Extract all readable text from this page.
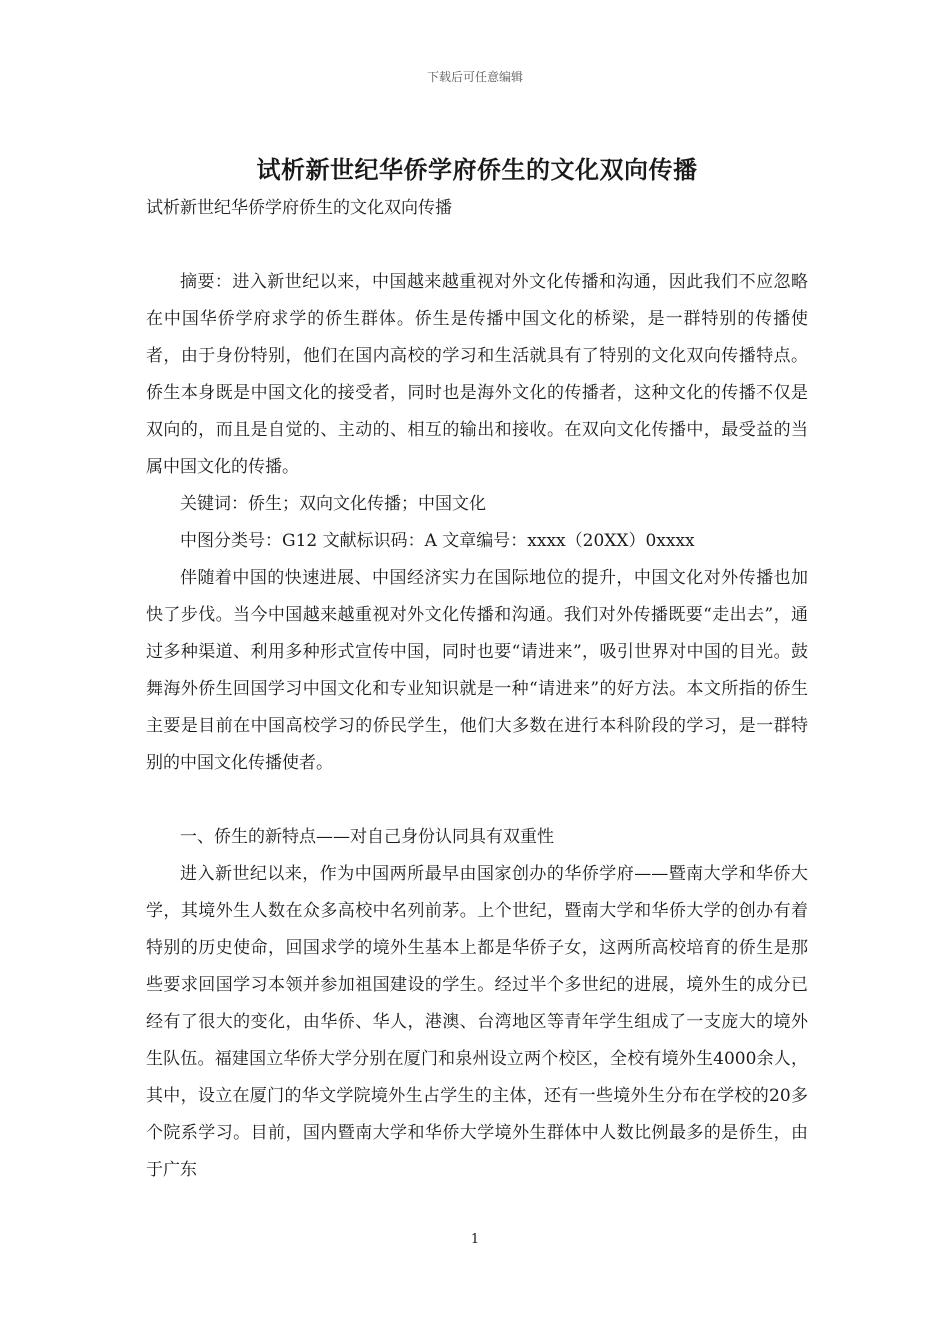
下载后可任意编辑
试析新世纪华侨学府侨生的文化双向传播

试析新世纪华侨学府侨生的文化双向传播

摘要：进入新世纪以来，中国越来越重视对外文化传播和沟通，因此我们不应忽略在中国华侨学府求学的侨生群体。侨生是传播中国文化的桥梁，是一群特别的传播使者，由于身份特别，他们在国内高校的学习和生活就具有了特别的文化双向传播特点。侨生本身既是中国文化的接受者，同时也是海外文化的传播者，这种文化的传播不仅是双向的，而且是自觉的、主动的、相互的输出和接收。在双向文化传播中，最受益的当属中国文化的传播。

关键词：侨生；双向文化传播；中国文化

中图分类号：G12 文献标识码：A 文章编号：xxxx（20XX）0xxxx

伴随着中国的快速进展、中国经济实力在国际地位的提升，中国文化对外传播也加快了步伐。当今中国越来越重视对外文化传播和沟通。我们对外传播既要“走出去”，通过多种渠道、利用多种形式宣传中国，同时也要“请进来”，吸引世界对中国的目光。鼓舞海外侨生回国学习中国文化和专业知识就是一种“请进来”的好方法。本文所指的侨生主要是目前在中国高校学习的侨民学生，他们大多数在进行本科阶段的学习，是一群特别的中国文化传播使者。

一、侨生的新特点——对自己身份认同具有双重性

进入新世纪以来，作为中国两所最早由国家创办的华侨学府——暨南大学和华侨大学，其境外生人数在众多高校中名列前茅。上个世纪，暨南大学和华侨大学的创办有着特别的历史使命，回国求学的境外生基本上都是华侨子女，这两所高校培育的侨生是那些要求回国学习本领并参加祖国建设的学生。经过半个多世纪的进展，境外生的成分已经有了很大的变化，由华侨、华人，港澳、台湾地区等青年学生组成了一支庞大的境外生队伍。福建国立华侨大学分别在厦门和泉州设立两个校区，全校有境外生4000余人，其中，设立在厦门的华文学院境外生占学生的主体，还有一些境外生分布在学校的20多个院系学习。目前，国内暨南大学和华侨大学境外生群体中人数比例最多的是侨生，由于广东

1
